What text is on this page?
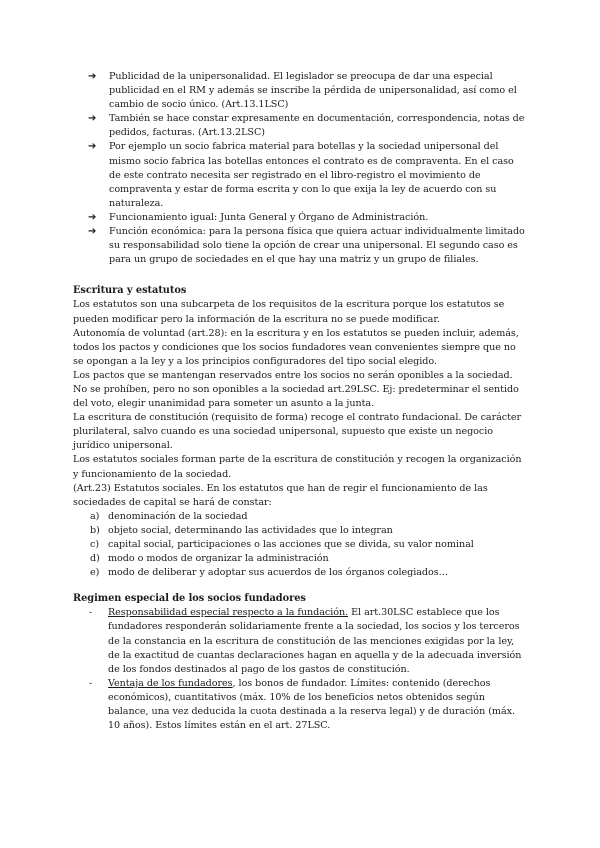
➔ Publicidad de la unipersonalidad. El legislador se preocupa de dar una especial publicidad en el RM y además se inscribe la pérdida de unipersonalidad, así como el cambio de socio único. (Art.13.1LSC)
➔ También se hace constar expresamente en documentación, correspondencia, notas de pedidos, facturas. (Art.13.2LSC)
➔ Por ejemplo un socio fabrica material para botellas y la sociedad unipersonal del mismo socio fabrica las botellas entonces el contrato es de compraventa. En el caso de este contrato necesita ser registrado en el libro-registro el movimiento de compraventa y estar de forma escrita y con lo que exija la ley de acuerdo con su naturaleza.
➔ Funcionamiento igual: Junta General y Órgano de Administración.
➔ Función económica: para la persona física que quiera actuar individualmente limitado su responsabilidad solo tiene la opción de crear una unipersonal. El segundo caso es para un grupo de sociedades en el que hay una matriz y un grupo de filiales.
Escritura y estatutos

Los estatutos son una subcarpeta de los requisitos de la escritura porque los estatutos se pueden modificar pero la información de la escritura no se puede modificar.

Autonomía de voluntad (art.28): en la escritura y en los estatutos se pueden incluir, además, todos los pactos y condiciones que los socios fundadores vean convenientes siempre que no se opongan a la ley y a los principios configuradores del tipo social elegido.

Los pactos que se mantengan reservados entre los socios no serán oponibles a la sociedad.

No se prohíben, pero no son oponibles a la sociedad art.29LSC. Ej: predeterminar el sentido del voto, elegir unanimidad para someter un asunto a la junta.

La escritura de constitución (requisito de forma) recoge el contrato fundacional. De carácter plurilateral, salvo cuando es una sociedad unipersonal, supuesto que existe un negocio jurídico unipersonal.

Los estatutos sociales forman parte de la escritura de constitución y recogen la organización y funcionamiento de la sociedad.

(Art.23) Estatutos sociales. En los estatutos que han de regir el funcionamiento de las sociedades de capital se hará de constar:

a) denominación de la sociedad
b) objeto social, determinando las actividades que lo integran
c) capital social, participaciones o las acciones que se divida, su valor nominal
d) modo o modos de organizar la administración
e) modo de deliberar y adoptar sus acuerdos de los órganos colegiados…
Regimen especial de los socios fundadores
- Responsabilidad especial respecto a la fundación. El art.30LSC establece que los fundadores responderán solidariamente frente a la sociedad, los socios y los terceros de la constancia en la escritura de constitución de las menciones exigidas por la ley, de la exactitud de cuantas declaraciones hagan en aquella y de la adecuada inversión de los fondos destinados al pago de los gastos de constitución.
- Ventaja de los fundadores, los bonos de fundador. Límites: contenido (derechos económicos), cuantitativos (máx. 10% de los beneficios netos obtenidos según balance, una vez deducida la cuota destinada a la reserva legal) y de duración (máx. 10 años). Estos límites están en el art. 27LSC.
